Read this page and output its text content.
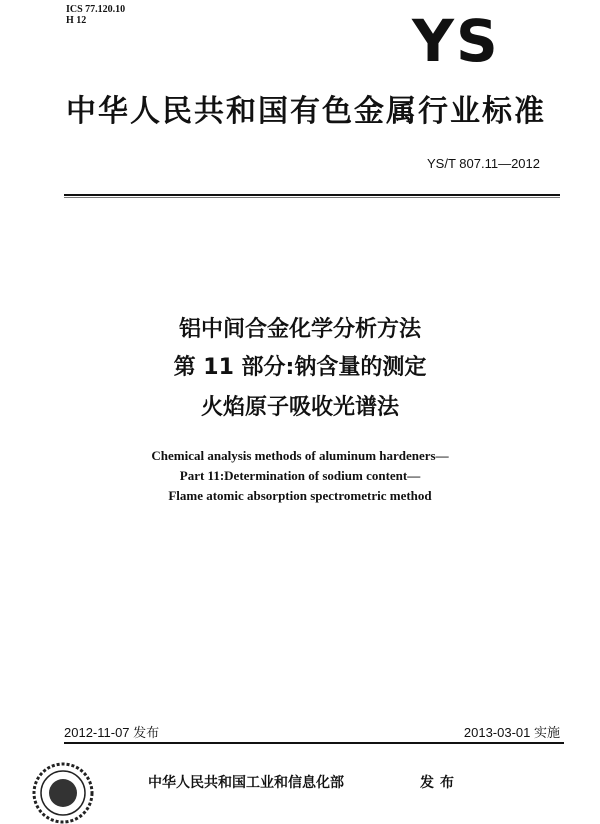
ICS 77.120.10
H 12	YS
中华人民共和国有色金属行业标准
YS/T 807.11—2012
铝中间合金化学分析方法
第 11 部分:钠含量的测定
火焰原子吸收光谱法
Chemical analysis methods of aluminum hardeners—
Part 11:Determination of sodium content—
Flame atomic absorption spectrometric method
2012-11-07 发布	2013-03-01 实施
中华人民共和国工业和信息化部	发布
